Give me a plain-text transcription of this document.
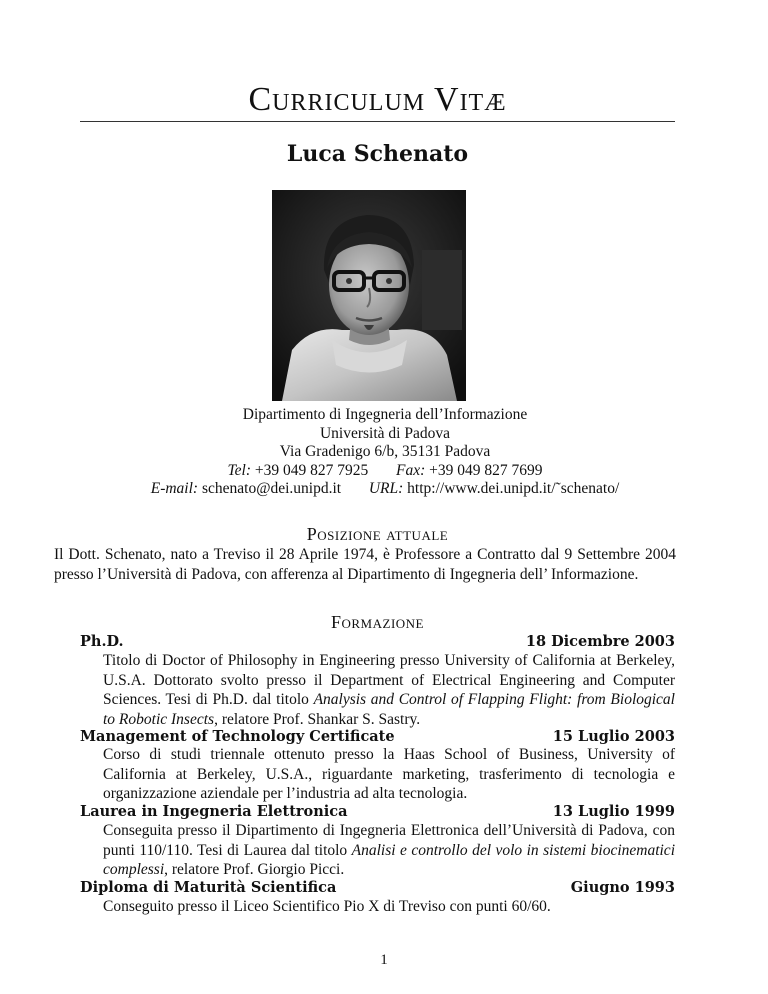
Curriculum Vitæ
Luca Schenato
Dipartimento di Ingegneria dell’Informazione
Università di Padova
Via Gradenigo 6/b, 35131 Padova
Tel: +39 049 827 7925 Fax: +39 049 827 7699
E-mail: schenato@dei.unipd.it URL: http://www.dei.unipd.it/˜schenato/
Posizione attuale
Il Dott. Schenato, nato a Treviso il 28 Aprile 1974, è Professore a Contratto dal 9 Settembre 2004 presso l’Università di Padova, con afferenza al Dipartimento di Ingegneria dell’ Informazione.
Formazione
Ph.D.	18 Dicembre 2003
Titolo di Doctor of Philosophy in Engineering presso University of California at Berkeley, U.S.A. Dottorato svolto presso il Department of Electrical Engineering and Computer Sciences. Tesi di Ph.D. dal titolo Analysis and Control of Flapping Flight: from Biological to Robotic Insects, relatore Prof. Shankar S. Sastry.
Management of Technology Certificate	15 Luglio 2003
Corso di studi triennale ottenuto presso la Haas School of Business, University of California at Berkeley, U.S.A., riguardante marketing, trasferimento di tecnologia e organizzazione aziendale per l’industria ad alta tecnologia.
Laurea in Ingegneria Elettronica	13 Luglio 1999
Conseguita presso il Dipartimento di Ingegneria Elettronica dell’Università di Padova, con punti 110/110. Tesi di Laurea dal titolo Analisi e controllo del volo in sistemi biocinematici complessi, relatore Prof. Giorgio Picci.
Diploma di Maturità Scientifica	Giugno 1993
Conseguito presso il Liceo Scientifico Pio X di Treviso con punti 60/60.
1
